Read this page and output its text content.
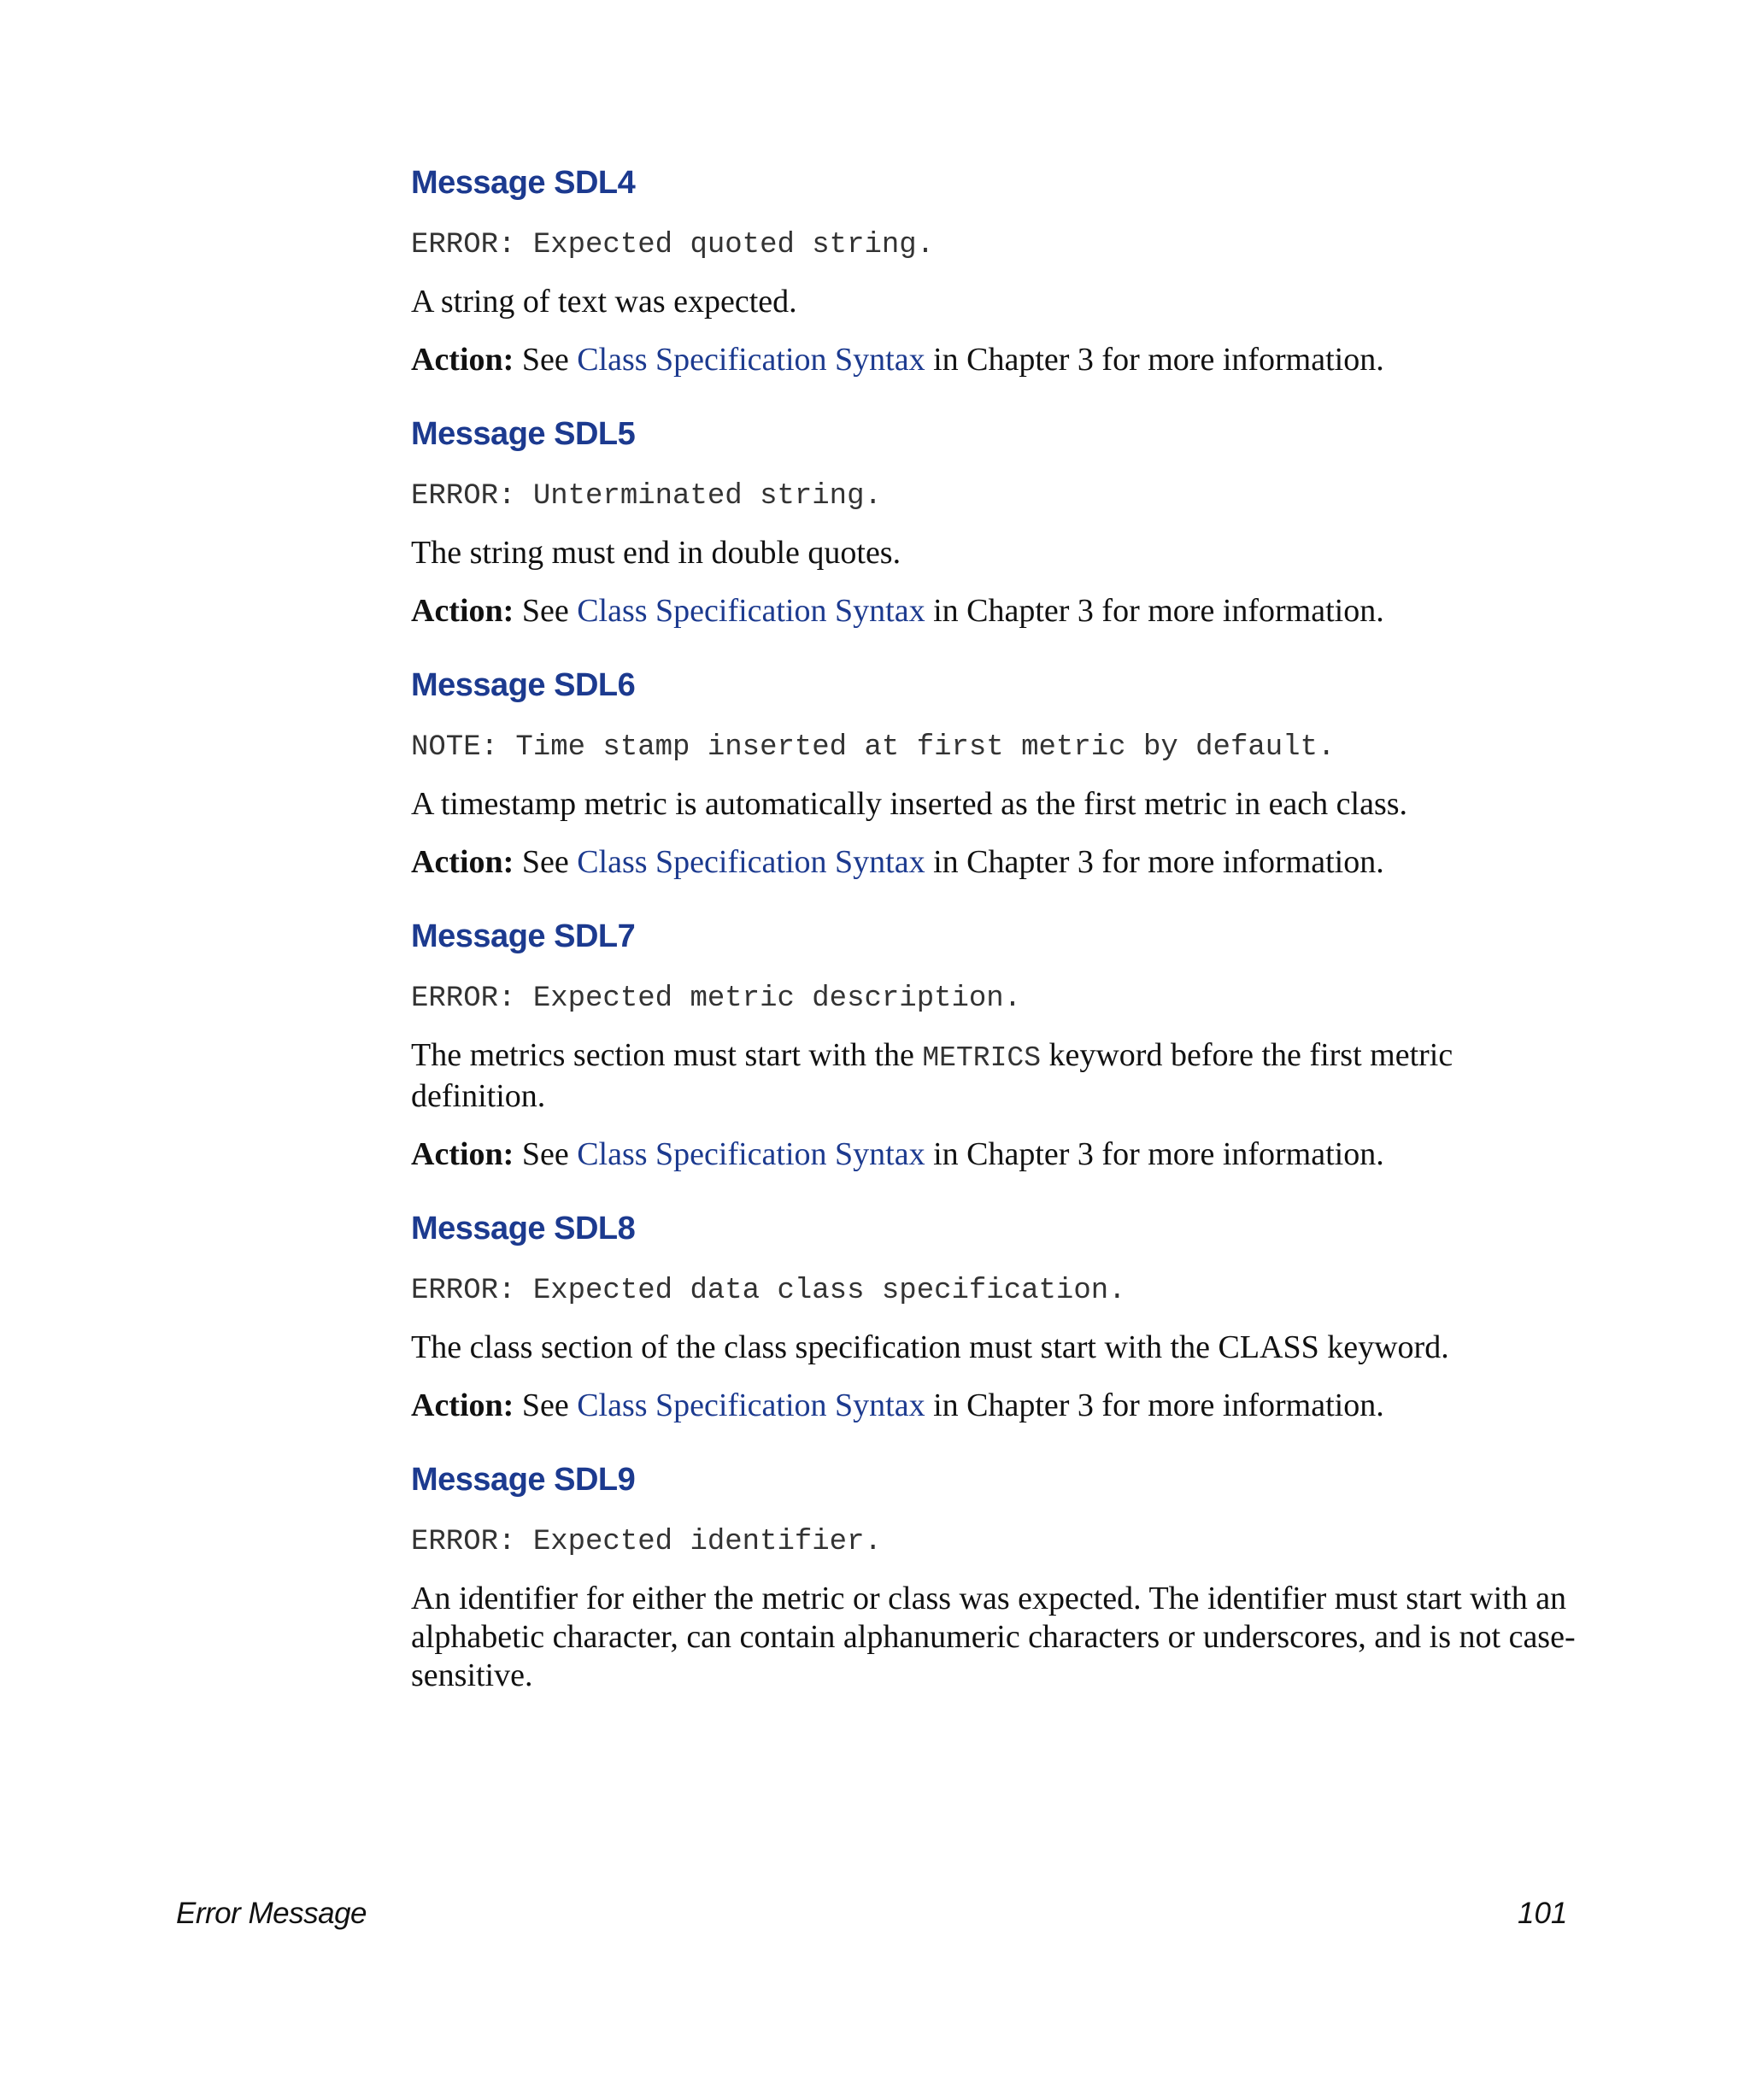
Message SDL4
ERROR: Expected quoted string.
A string of text was expected.
Action: See Class Specification Syntax in Chapter 3 for more information.
Message SDL5
ERROR: Unterminated string.
The string must end in double quotes.
Action: See Class Specification Syntax in Chapter 3 for more information.
Message SDL6
NOTE: Time stamp inserted at first metric by default.
A timestamp metric is automatically inserted as the first metric in each class.
Action: See Class Specification Syntax in Chapter 3 for more information.
Message SDL7
ERROR: Expected metric description.
The metrics section must start with the METRICS keyword before the first metric definition.
Action: See Class Specification Syntax in Chapter 3 for more information.
Message SDL8
ERROR: Expected data class specification.
The class section of the class specification must start with the CLASS keyword.
Action: See Class Specification Syntax in Chapter 3 for more information.
Message SDL9
ERROR: Expected identifier.
An identifier for either the metric or class was expected. The identifier must start with an alphabetic character, can contain alphanumeric characters or underscores, and is not case-sensitive.
Error Message	101
